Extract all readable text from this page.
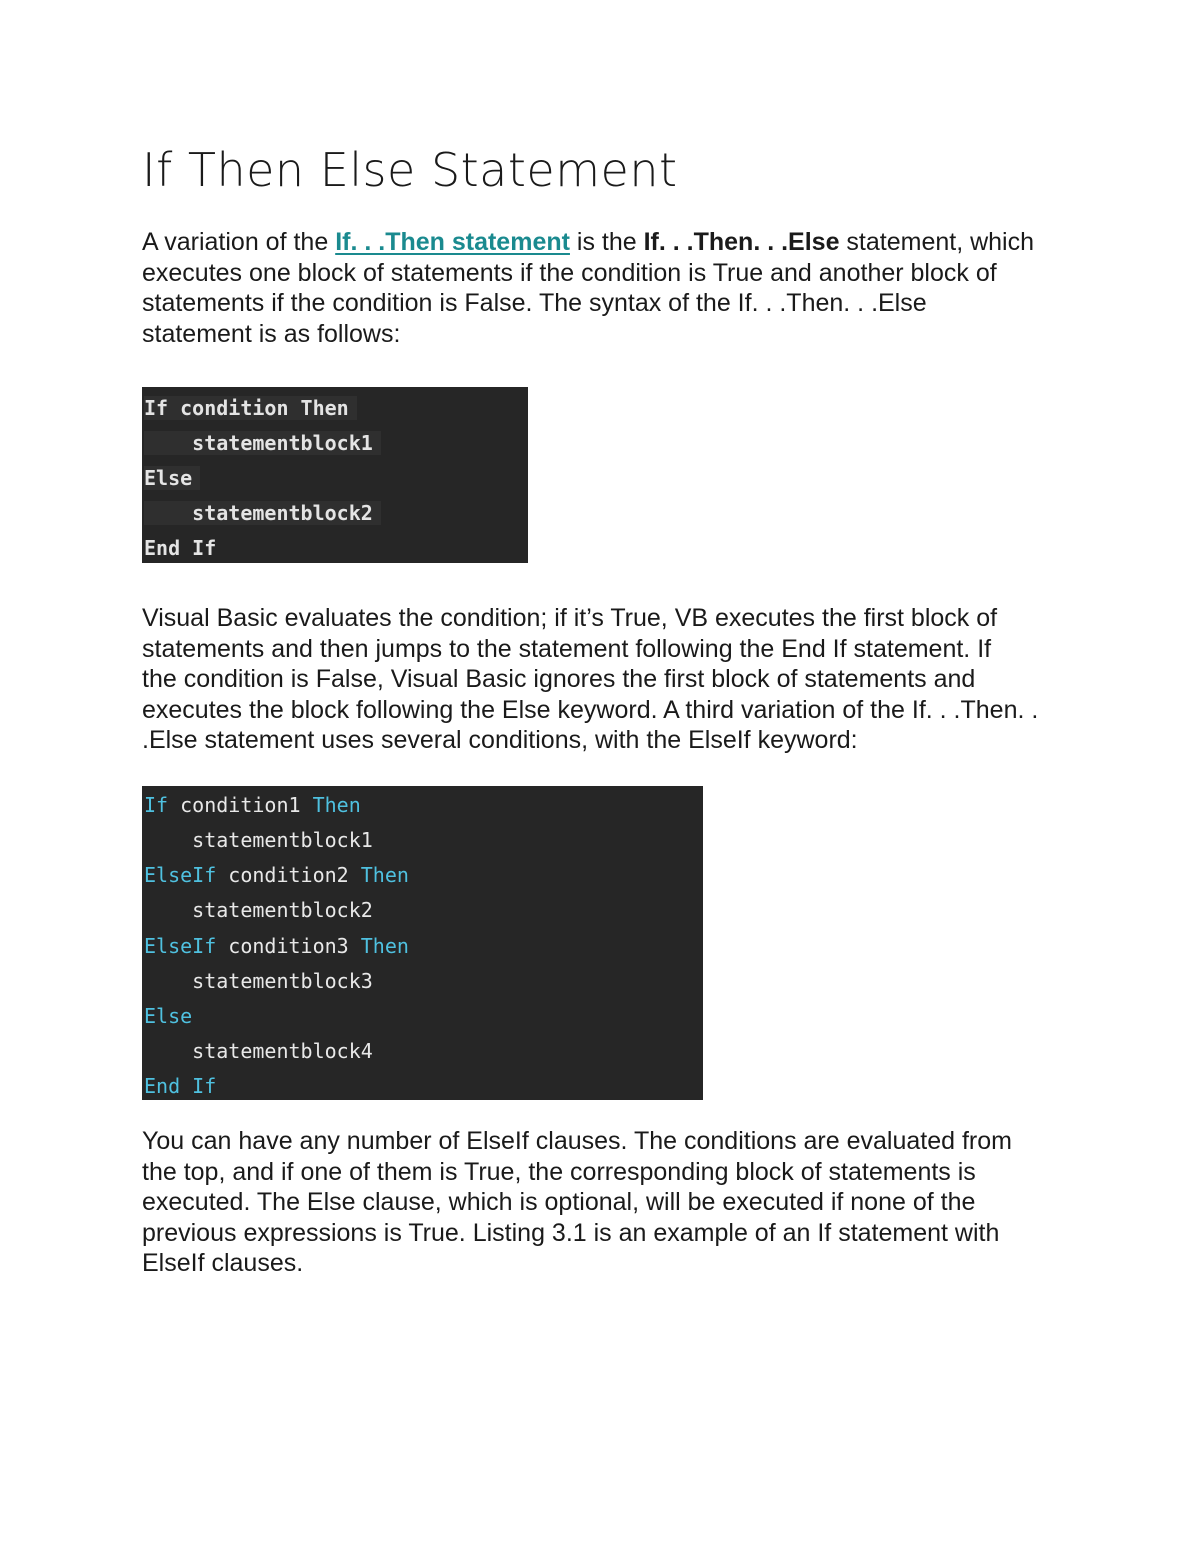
If Then Else Statement

A variation of the If. . .Then statement is the If. . .Then. . .Else statement, which
executes one block of statements if the condition is True and another block of
statements if the condition is False. The syntax of the If. . .Then. . .Else
statement is as follows:

If condition Then
statementblock1
Else
statementblock2
End If

Visual Basic evaluates the condition; if it’s True, VB executes the first block of
statements and then jumps to the statement following the End If statement. If
the condition is False, Visual Basic ignores the first block of statements and
executes the block following the Else keyword. A third variation of the If. . .Then. .
.Else statement uses several conditions, with the ElseIf keyword:

If condition1 Then
statementblock1
ElseIf condition2 Then
statementblock2
ElseIf condition3 Then
statementblock3
Else
statementblock4
End If

You can have any number of ElseIf clauses. The conditions are evaluated from
the top, and if one of them is True, the corresponding block of statements is
executed. The Else clause, which is optional, will be executed if none of the
previous expressions is True. Listing 3.1 is an example of an If statement with
ElseIf clauses.
